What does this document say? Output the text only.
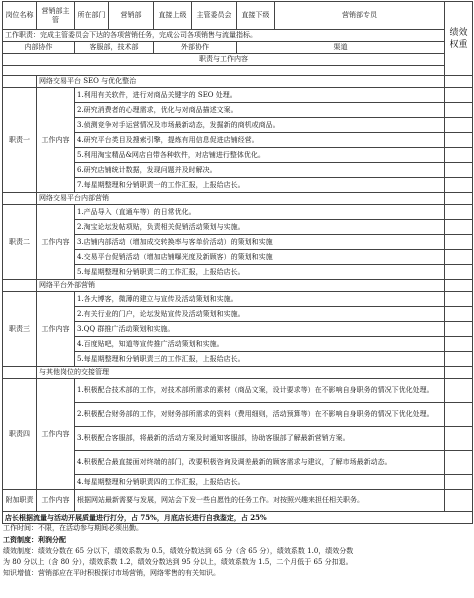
岗位名称	营销部主管	所在部门	营销部	直接上级	主管委员会	直接下级	营销部专员	绩效权重
工作职责：完成主管委员会下达的各项营销任务，完成公司各项销售与流量指标。								
内部协作		客服部，技术部		外部协作		渠道		
职责与工作内容								

	网络交易平台 SEO 与优化整治							
职责一	工作内容	1.利用有关软件，进行对商品关键字的 SEO 处理。						
		2.研究消费者的心理需求，优化与对商品描述文案。						
		3.侦测竞争对手运营情况及市场最新动态，发掘新的商机或商品。						
		4.研究平台类目及搜索引擎，提炼有用信息促进店铺经营。						
		5.利用淘宝精品&网店自带各种软件，对店铺进行整体优化。						
		6.研究店铺统计数据，发现问题并及时解决。						
		7.每星期整理和分销职责一的工作汇报，上报给店长。						
	网络交易平台内部营销							
职责二	工作内容	1.产品导入（直通车等）的日常优化。						
		2.淘宝论坛发帖项贴，负责相关促销活动策划与实施。						
		3.店铺内部活动（增加成交转换率与客单价活动）的策划和实施						
		4.交易平台促销活动（增加店铺曝光度及新顾客）的策划和实施						
		5.每星期整理和分销职责二的工作汇报，上报给店长。						
	网络平台外部营销							
职责三	工作内容	1.各大博客，微薄的建立与宣传及活动策划和实施。						
		2.有关行业的门户，论坛发贴宣传及活动策划和实施。						
		3.QQ 群推广活动策划和实施。						
		4.百度贴吧，知道等宣传推广活动策划和实施。						
		5.每星期整理和分销职责三的工作汇报，上报给店长。						
	与其他岗位的交接管理							
职责四	工作内容	1.积极配合技术部的工作，对技术部所需求的素材（商品文案，设计要求等）在不影响自身职务的情况下优化处理。						
		2.积极配合财务部的工作，对财务部所需求的资料（费用细则，活动预算等）在不影响自身职务的情况下优化处理。						
		3.积极配合客服部，将最新的活动方案及时通知客服部，协助客服部了解最新营销方案。						
		4.积极配合最直接面对终端的部门，改要积极咨询及调差最新的顾客需求与建议，了解市场最新动态。						
		4.每星期整理和分销职责四的工作汇报，上报给店长。						
附加职责	工作内容	根据网站最新需要与发展，网站会下发一些自愿性的任务工作。对按照兴趣来担任相关职务。						
店长根据流量与活动开展质量进行打分，占 75%，月底店长进行自我鉴定，占 25%								
工作时间：不限，在活动参与期间必须出勤。
工资制度：利润分配
绩效制度：绩效分数在 65 分以下，绩效系数为 0.5，绩效分数达到 65 分（含 65 分），绩效系数 1.0，绩效分数
为 80 分以上（含 80 分），绩效系数 1.2，绩效分数达到 95 分以上，绩效系数为 1.5，二个月低于 65 分扣退。
知识增值：营销部应在平时积极探讨市场营销，网络零售的有关知识。
